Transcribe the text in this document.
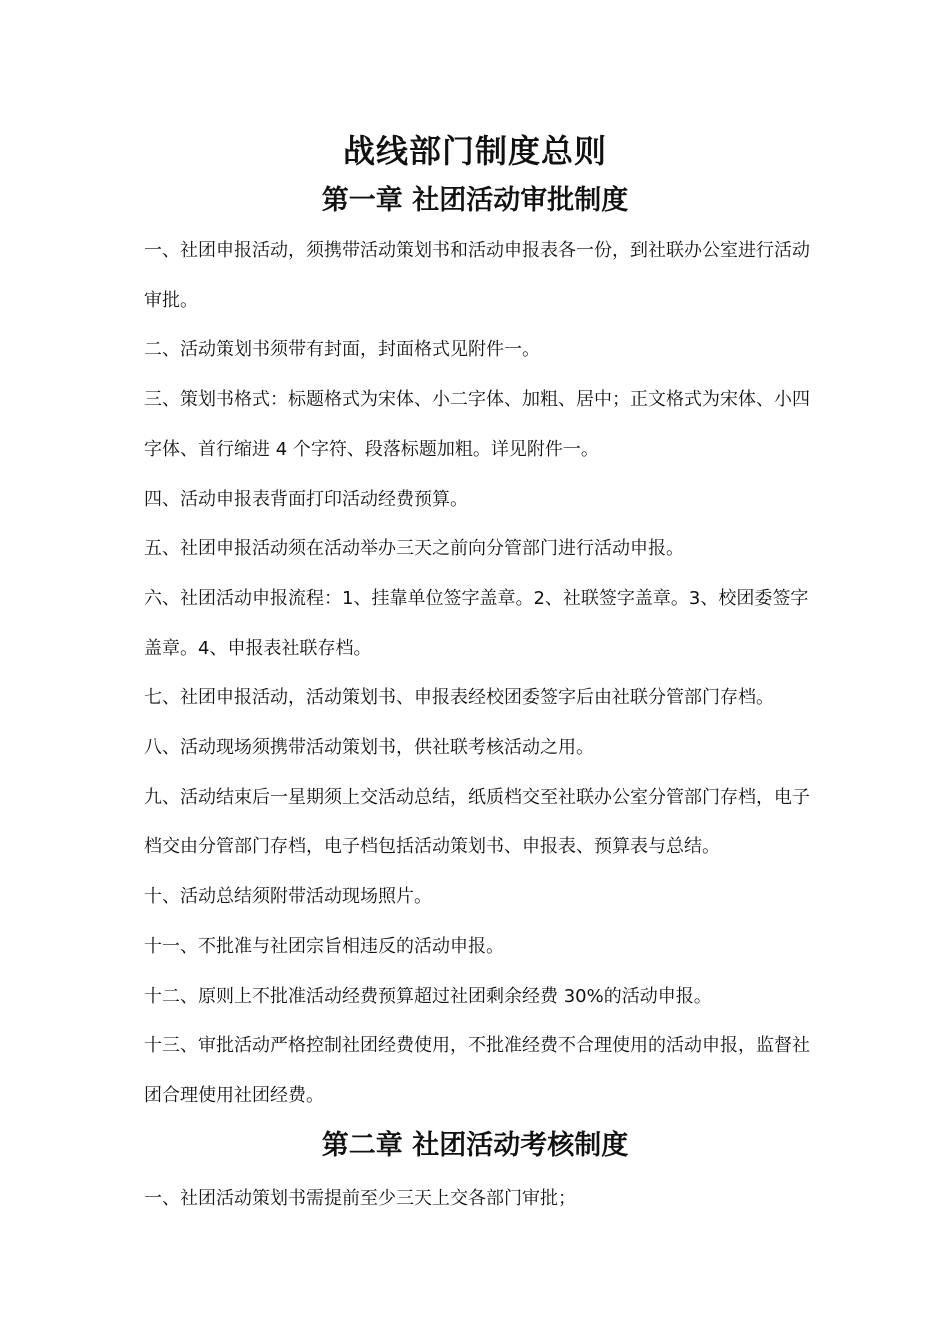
战线部门制度总则
第一章 社团活动审批制度

一、社团申报活动，须携带活动策划书和活动申报表各一份，到社联办公室进行活动审批。

二、活动策划书须带有封面，封面格式见附件一。

三、策划书格式：标题格式为宋体、小二字体、加粗、居中；正文格式为宋体、小四字体、首行缩进 4 个字符、段落标题加粗。详见附件一。

四、活动申报表背面打印活动经费预算。

五、社团申报活动须在活动举办三天之前向分管部门进行活动申报。

六、社团活动申报流程：1、挂靠单位签字盖章。2、社联签字盖章。3、校团委签字盖章。4、申报表社联存档。

七、社团申报活动，活动策划书、申报表经校团委签字后由社联分管部门存档。

八、活动现场须携带活动策划书，供社联考核活动之用。

九、活动结束后一星期须上交活动总结，纸质档交至社联办公室分管部门存档，电子档交由分管部门存档，电子档包括活动策划书、申报表、预算表与总结。

十、活动总结须附带活动现场照片。

十一、不批准与社团宗旨相违反的活动申报。

十二、原则上不批准活动经费预算超过社团剩余经费 30%的活动申报。

十三、审批活动严格控制社团经费使用，不批准经费不合理使用的活动申报，监督社团合理使用社团经费。

第二章 社团活动考核制度

一、社团活动策划书需提前至少三天上交各部门审批；
